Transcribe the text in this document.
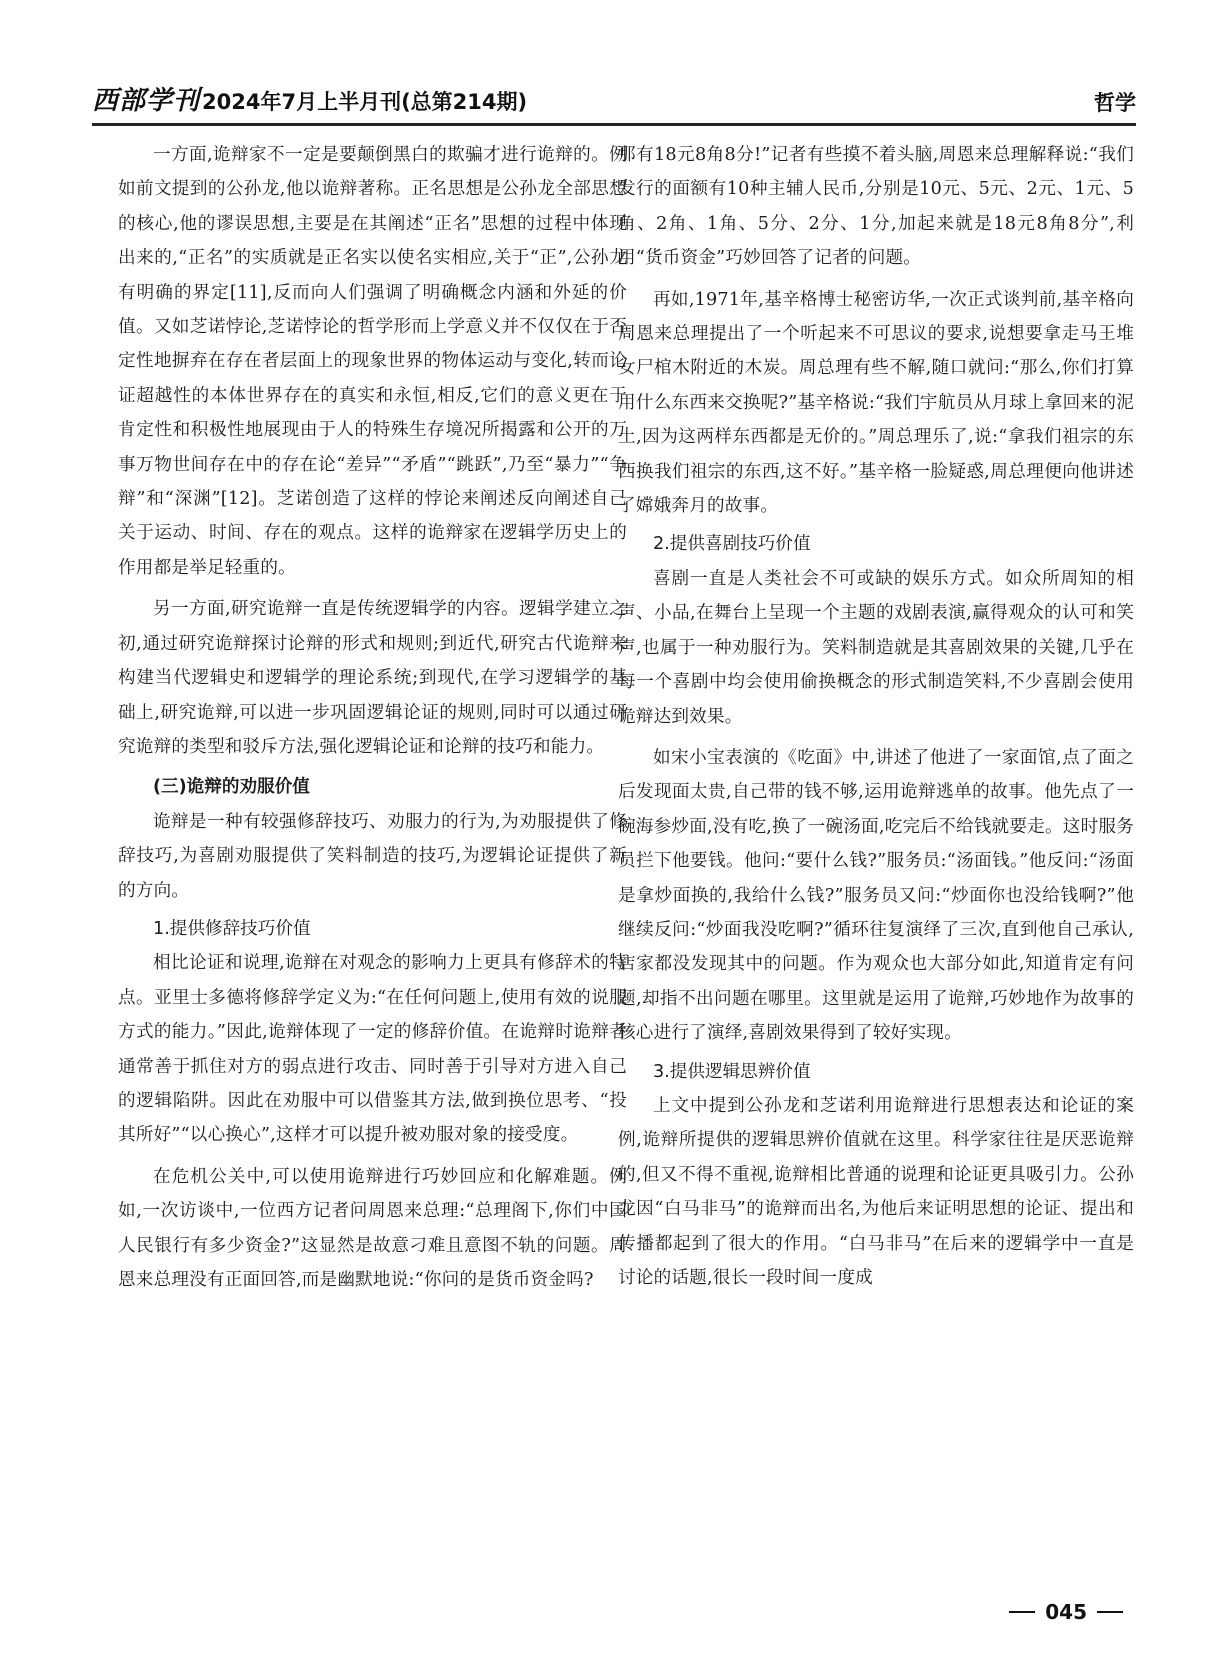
西部学刊 2024年7月上半月刊(总第214期)	哲学

一方面,诡辩家不一定是要颠倒黑白的欺骗才进行诡辩的。例如前文提到的公孙龙,他以诡辩著称。正名思想是公孙龙全部思想的核心,他的谬误思想,主要是在其阐述“正名”思想的过程中体现出来的,“正名”的实质就是正名实以使名实相应,关于“正”,公孙龙有明确的界定[11],反而向人们强调了明确概念内涵和外延的价值。又如芝诺悖论,芝诺悖论的哲学形而上学意义并不仅仅在于否定性地摒弃在存在者层面上的现象世界的物体运动与变化,转而论证超越性的本体世界存在的真实和永恒,相反,它们的意义更在于肯定性和积极性地展现由于人的特殊生存境况所揭露和公开的万事万物世间存在中的存在论“差异”“矛盾”“跳跃”,乃至“暴力”“争辩”和“深渊”[12]。芝诺创造了这样的悖论来阐述反向阐述自己关于运动、时间、存在的观点。这样的诡辩家在逻辑学历史上的作用都是举足轻重的。

另一方面,研究诡辩一直是传统逻辑学的内容。逻辑学建立之初,通过研究诡辩探讨论辩的形式和规则;到近代,研究古代诡辩来构建当代逻辑史和逻辑学的理论系统;到现代,在学习逻辑学的基础上,研究诡辩,可以进一步巩固逻辑论证的规则,同时可以通过研究诡辩的类型和驳斥方法,强化逻辑论证和论辩的技巧和能力。

(三)诡辩的劝服价值

诡辩是一种有较强修辞技巧、劝服力的行为,为劝服提供了修辞技巧,为喜剧劝服提供了笑料制造的技巧,为逻辑论证提供了新的方向。

1.提供修辞技巧价值

相比论证和说理,诡辩在对观念的影响力上更具有修辞术的特点。亚里士多德将修辞学定义为:“在任何问题上,使用有效的说服方式的能力。”因此,诡辩体现了一定的修辞价值。在诡辩时诡辩者通常善于抓住对方的弱点进行攻击、同时善于引导对方进入自己的逻辑陷阱。因此在劝服中可以借鉴其方法,做到换位思考、“投其所好”“以心换心”,这样才可以提升被劝服对象的接受度。

在危机公关中,可以使用诡辩进行巧妙回应和化解难题。例如,一次访谈中,一位西方记者问周恩来总理:“总理阁下,你们中国人民银行有多少资金?”这显然是故意刁难且意图不轨的问题。周恩来总理没有正面回答,而是幽默地说:“你问的是货币资金吗?

那有18元8角8分!”记者有些摸不着头脑,周恩来总理解释说:“我们发行的面额有10种主辅人民币,分别是10元、5元、2元、1元、5角、2角、1角、5分、2分、1分,加起来就是18元8角8分”,利用“货币资金”巧妙回答了记者的问题。

再如,1971年,基辛格博士秘密访华,一次正式谈判前,基辛格向周恩来总理提出了一个听起来不可思议的要求,说想要拿走马王堆女尸棺木附近的木炭。周总理有些不解,随口就问:“那么,你们打算用什么东西来交换呢?”基辛格说:“我们宇航员从月球上拿回来的泥土,因为这两样东西都是无价的。”周总理乐了,说:“拿我们祖宗的东西换我们祖宗的东西,这不好。”基辛格一脸疑惑,周总理便向他讲述了嫦娥奔月的故事。

2.提供喜剧技巧价值

喜剧一直是人类社会不可或缺的娱乐方式。如众所周知的相声、小品,在舞台上呈现一个主题的戏剧表演,赢得观众的认可和笑声,也属于一种劝服行为。笑料制造就是其喜剧效果的关键,几乎在每一个喜剧中均会使用偷换概念的形式制造笑料,不少喜剧会使用诡辩达到效果。

如宋小宝表演的《吃面》中,讲述了他进了一家面馆,点了面之后发现面太贵,自己带的钱不够,运用诡辩逃单的故事。他先点了一碗海参炒面,没有吃,换了一碗汤面,吃完后不给钱就要走。这时服务员拦下他要钱。他问:“要什么钱?”服务员:“汤面钱。”他反问:“汤面是拿炒面换的,我给什么钱?”服务员又问:“炒面你也没给钱啊?”他继续反问:“炒面我没吃啊?”循环往复演绎了三次,直到他自己承认,店家都没发现其中的问题。作为观众也大部分如此,知道肯定有问题,却指不出问题在哪里。这里就是运用了诡辩,巧妙地作为故事的核心进行了演绎,喜剧效果得到了较好实现。

3.提供逻辑思辨价值

上文中提到公孙龙和芝诺利用诡辩进行思想表达和论证的案例,诡辩所提供的逻辑思辨价值就在这里。科学家往往是厌恶诡辩的,但又不得不重视,诡辩相比普通的说理和论证更具吸引力。公孙龙因“白马非马”的诡辩而出名,为他后来证明思想的论证、提出和传播都起到了很大的作用。“白马非马”在后来的逻辑学中一直是讨论的话题,很长一段时间一度成

045
